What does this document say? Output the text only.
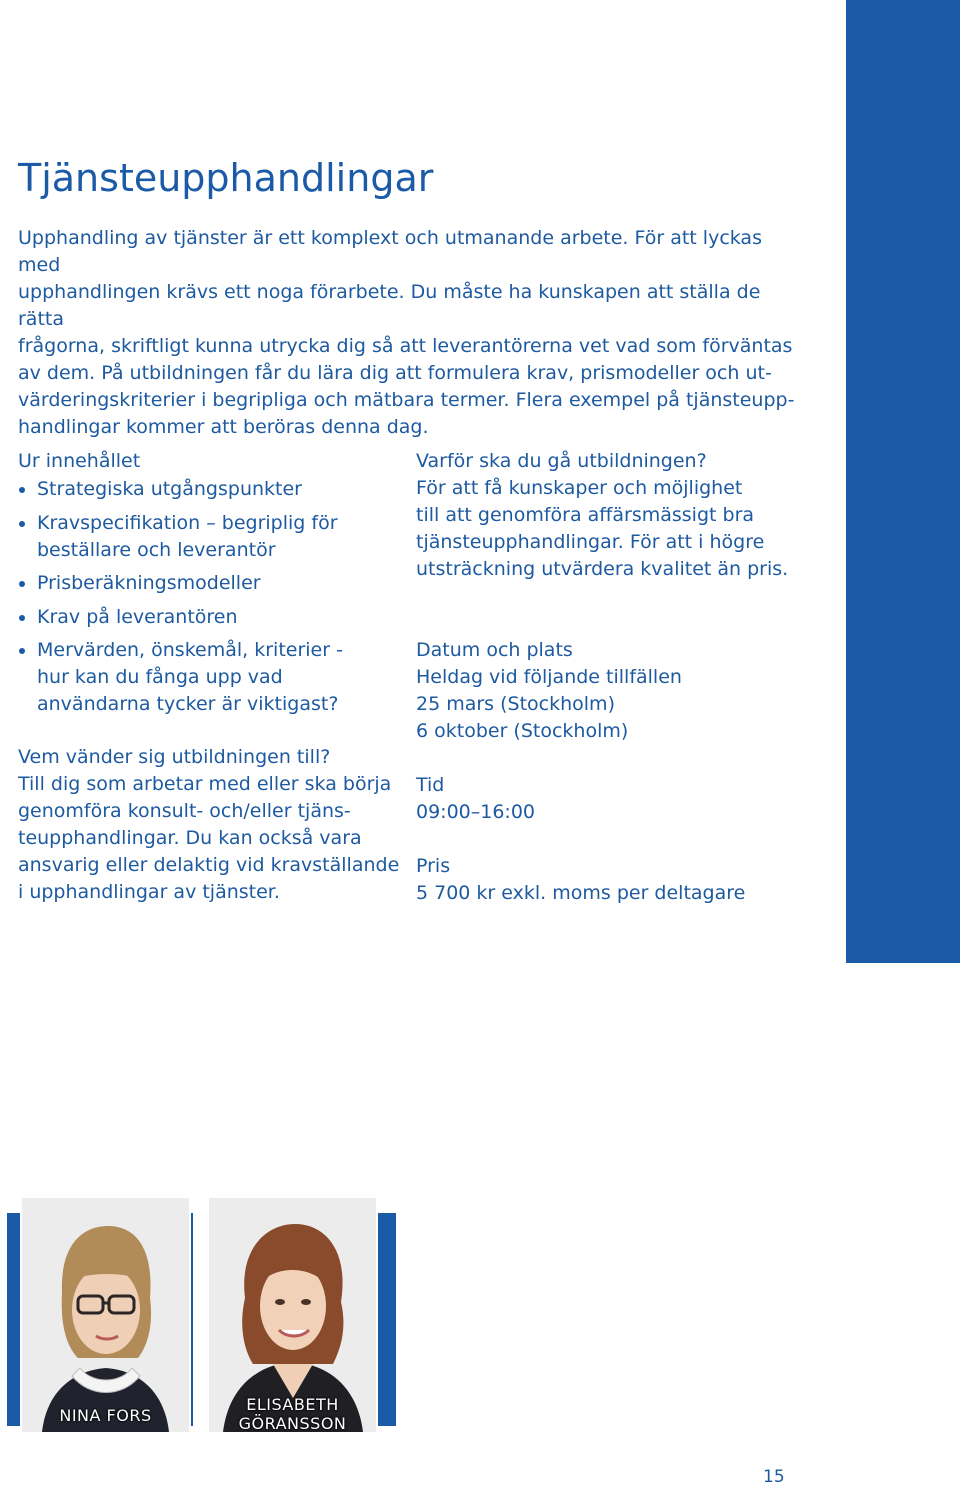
Tjänsteupphandlingar

Upphandling av tjänster är ett komplext och utmanande arbete. För att lyckas med
upphandlingen krävs ett noga förarbete. Du måste ha kunskapen att ställa de rätta
frågorna, skriftligt kunna utrycka dig så att leverantörerna vet vad som förväntas
av dem. På utbildningen får du lära dig att formulera krav, prismodeller och ut-
värderingskriterier i begripliga och mätbara termer. Flera exempel på tjänsteupp-
handlingar kommer att beröras denna dag.

Ur innehållet

Strategiska utgångspunkter
Kravspecifikation – begriplig för beställare och leverantör
Prisberäkningsmodeller
Krav på leverantören
Mervärden, önskemål, kriterier - hur kan du fånga upp vad användarna tycker är viktigast?

Vem vänder sig utbildningen till?

Till dig som arbetar med eller ska börja
genomföra konsult- och/eller tjäns-
teupphandlingar. Du kan också vara
ansvarig eller delaktig vid kravställande
i upphandlingar av tjänster.

Varför ska du gå utbildningen?

För att få kunskaper och möjlighet
till att genomföra affärsmässigt bra
tjänsteupphandlingar. För att i högre
utsträckning utvärdera kvalitet än pris.

Datum och plats

Heldag vid följande tillfällen
25 mars (Stockholm)
6 oktober (Stockholm)

Tid

09:00–16:00

Pris

5 700 kr exkl. moms per deltagare

NINA FORS
ELISABETH
GÖRANSSON
15
